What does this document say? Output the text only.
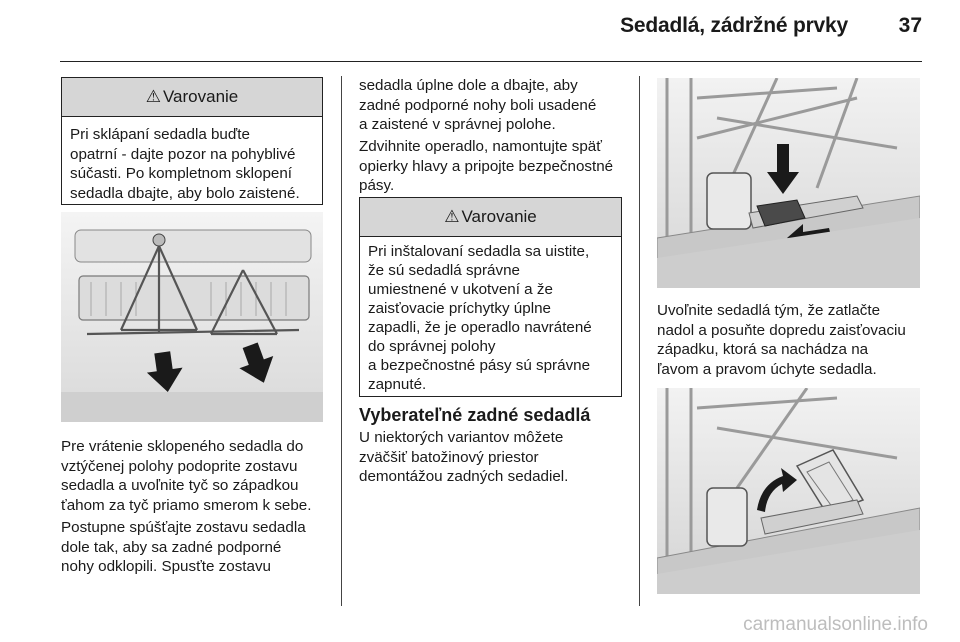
Sedadlá, zádržné prvky	37
⚠ Varovanie
Pri sklápaní sedadla buďte
opatrní - dajte pozor na pohyblivé
súčasti. Po kompletnom sklopení
sedadla dbajte, aby bolo zaistené.
Pre vrátenie sklopeného sedadla do
vztýčenej polohy podoprite zostavu
sedadla a uvoľnite tyč so západkou
ťahom za tyč priamo smerom k sebe.
Postupne spúšťajte zostavu sedadla
dole tak, aby sa zadné podporné
nohy odklopili. Spusťte zostavu
sedadla úplne dole a dbajte, aby
zadné podporné nohy boli usadené
a zaistené v správnej polohe.
Zdvihnite operadlo, namontujte späť
opierky hlavy a pripojte bezpečnostné
pásy.
⚠ Varovanie
Pri inštalovaní sedadla sa uistite,
že sú sedadlá správne
umiestnené v ukotvení a že
zaisťovacie príchytky úplne
zapadli, že je operadlo navrátené
do správnej polohy
a bezpečnostné pásy sú správne
zapnuté.
Vyberateľné zadné sedadlá
U niektorých variantov môžete
zväčšiť batožinový priestor
demontážou zadných sedadiel.
Uvoľnite sedadlá tým, že zatlačte
nadol a posuňte dopredu zaisťovaciu
západku, ktorá sa nachádza na
ľavom a pravom úchyte sedadla.
carmanualsonline.info
